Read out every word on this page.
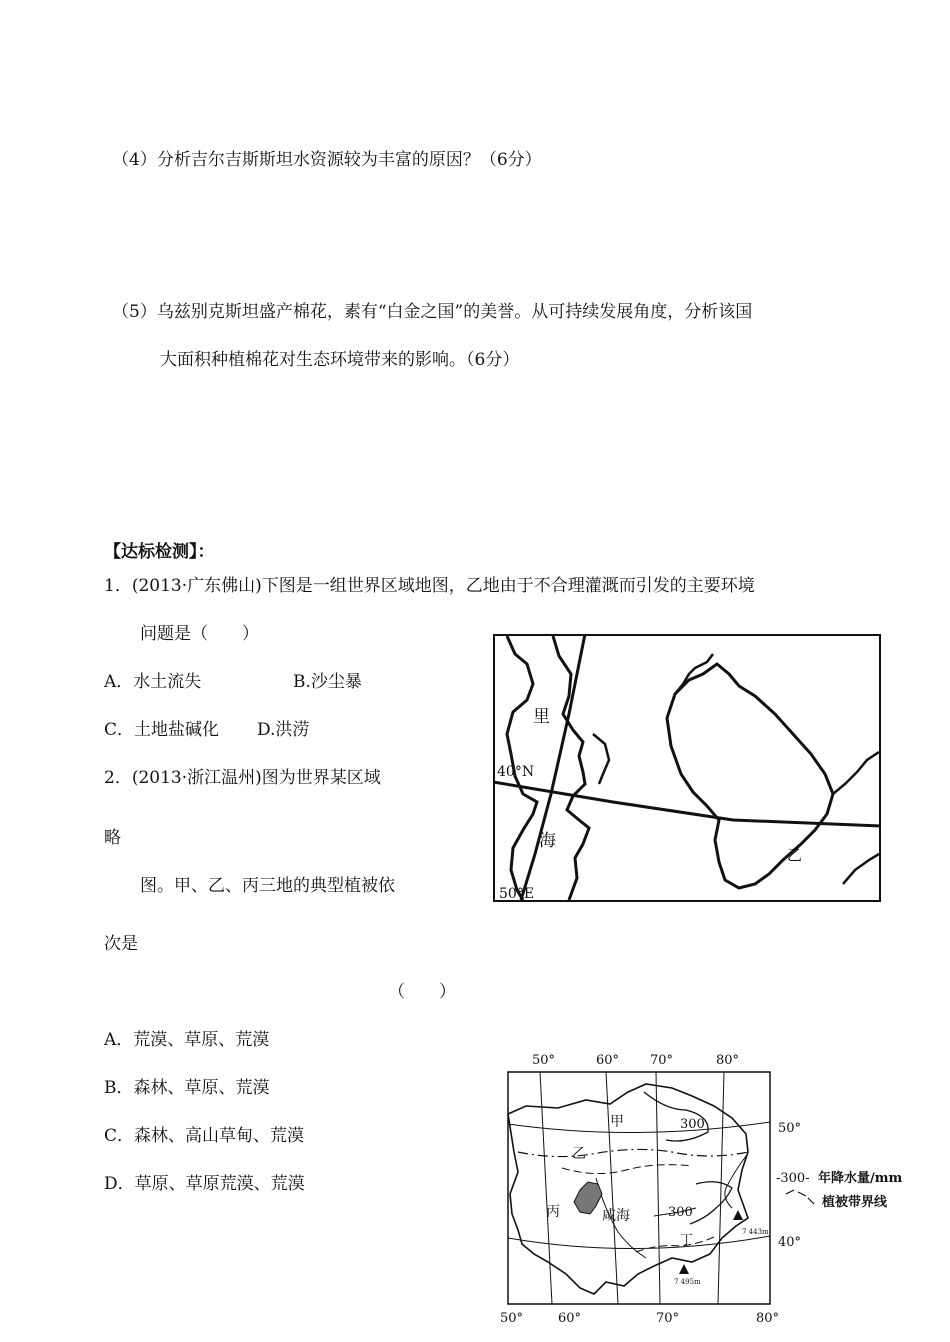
（4）分析吉尔吉斯斯坦水资源较为丰富的原因？（6分）
（5）乌兹别克斯坦盛产棉花，素有“白金之国”的美誉。从可持续发展角度，分析该国
大面积种植棉花对生态环境带来的影响。（6分）
【达标检测】：
1．(2013·广东佛山)下图是一组世界区域地图，乙地由于不合理灌溉而引发的主要环境
问题是（　　）
A．水土流失	B.沙尘暴
C．土地盐碱化 D.洪涝
2．(2013·浙江温州)图为世界某区域
略
图。甲、乙、丙三地的典型植被依
次是
（　　）
A．荒漠、草原、荒漠
B．森林、草原、荒漠
C．森林、高山草甸、荒漠
D．草原、草原荒漠、荒漠
里
海
40°N
50°E
乙
50°	60° 70°	80°
50°	60°	70°	80°
50°
40°
甲
乙
丙	咸海
丁
300
300
7 443m
7 495m
-300- 年降水量/mm
植被带界线
